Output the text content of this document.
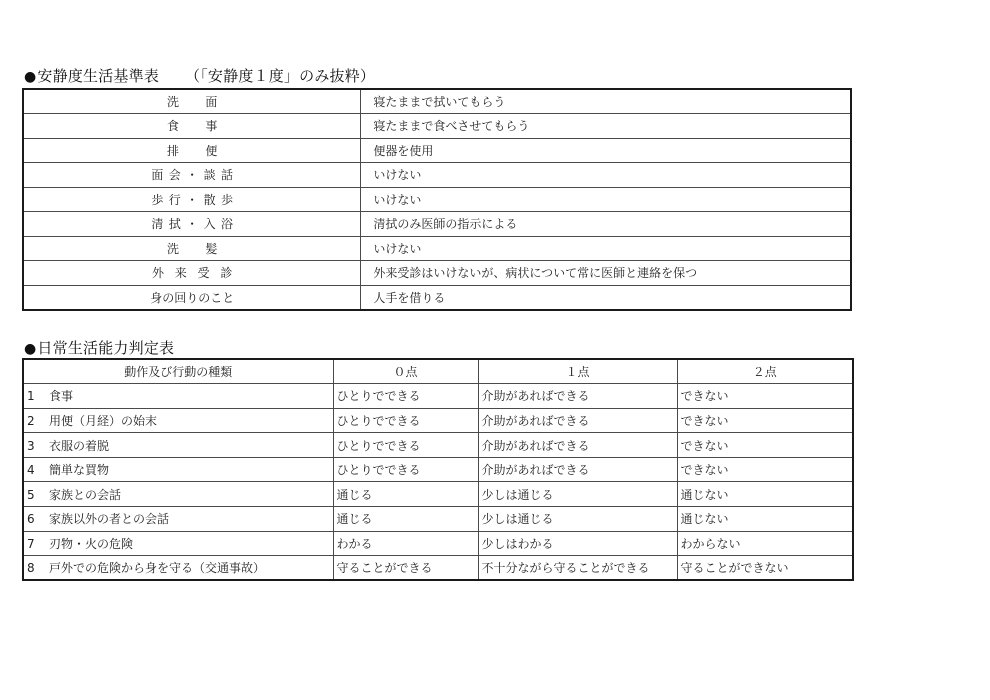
●安静度生活基準表 （「安静度１度」のみ抜粋）
洗面	寝たままで拭いてもらう
食事	寝たままで食べさせてもらう
排便	便器を使用
面会・談話	いけない
歩行・散歩	いけない
清拭・入浴	清拭のみ医師の指示による
洗髪	いけない
外来受診	外来受診はいけないが、病状について常に医師と連絡を保つ
身の回りのこと	人手を借りる
●日常生活能力判定表
動作及び行動の種類	０点	１点	２点
1 食事	ひとりでできる	介助があればできる	できない
2 用便（月経）の始末	ひとりでできる	介助があればできる	できない
3 衣服の着脱	ひとりでできる	介助があればできる	できない
4 簡単な買物	ひとりでできる	介助があればできる	できない
5 家族との会話	通じる	少しは通じる	通じない
6 家族以外の者との会話	通じる	少しは通じる	通じない
7 刃物・火の危険	わかる	少しはわかる	わからない
8 戸外での危険から身を守る（交通事故）	守ることができる	不十分ながら守ることができる	守ることができない
